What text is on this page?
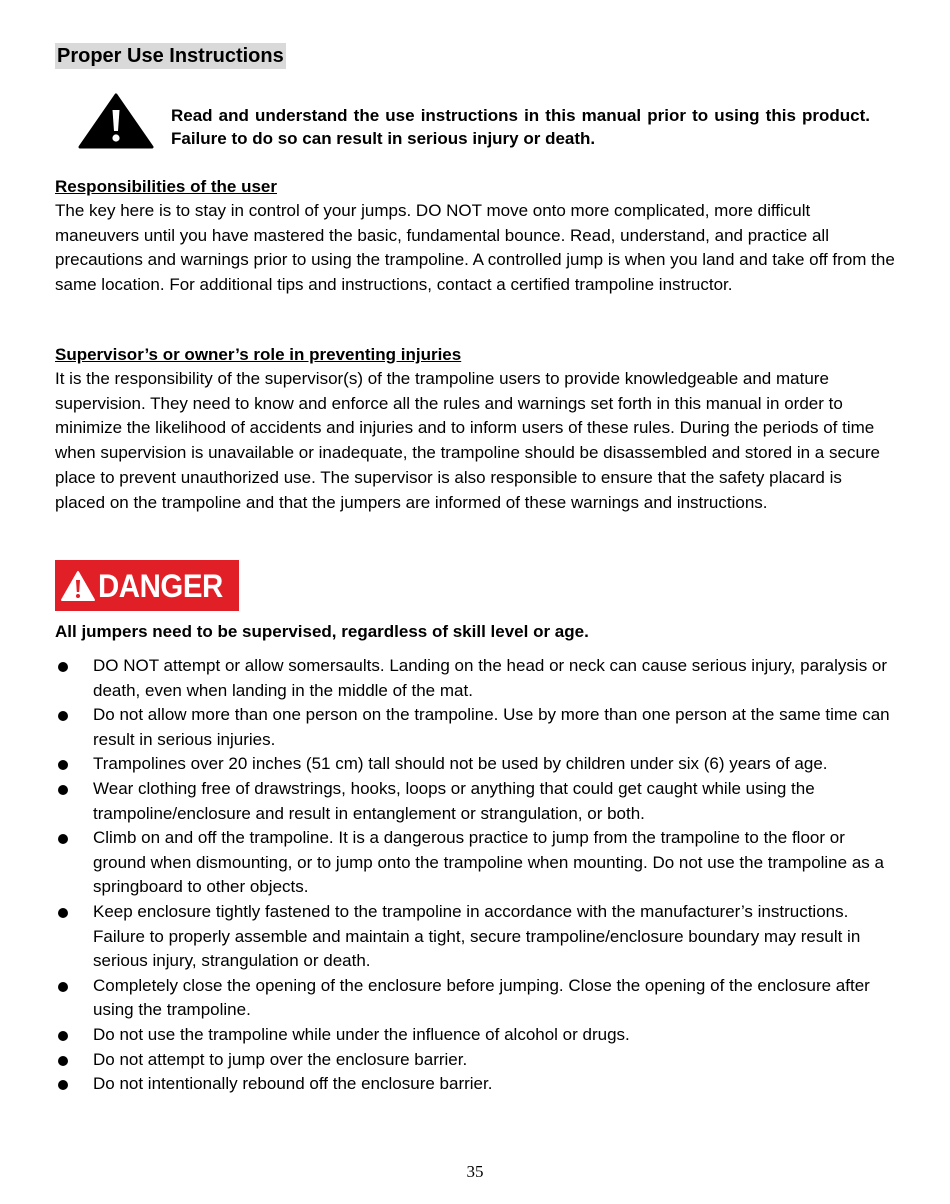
Proper Use Instructions
Read and understand the use instructions in this manual prior to using this product. Failure to do so can result in serious injury or death.
Responsibilities of the user
The key here is to stay in control of your jumps. DO NOT move onto more complicated, more difficult maneuvers until you have mastered the basic, fundamental bounce. Read, understand, and practice all precautions and warnings prior to using the trampoline. A controlled jump is when you land and take off from the same location. For additional tips and instructions, contact a certified trampoline instructor.
Supervisor’s or owner’s role in preventing injuries
It is the responsibility of the supervisor(s) of the trampoline users to provide knowledgeable and mature supervision. They need to know and enforce all the rules and warnings set forth in this manual in order to minimize the likelihood of accidents and injuries and to inform users of these rules. During the periods of time when supervision is unavailable or inadequate, the trampoline should be disassembled and stored in a secure place to prevent unauthorized use. The supervisor is also responsible to ensure that the safety placard is placed on the trampoline and that the jumpers are informed of these warnings and instructions.
DANGER
All jumpers need to be supervised, regardless of skill level or age.
DO NOT attempt or allow somersaults. Landing on the head or neck can cause serious injury, paralysis or death, even when landing in the middle of the mat.
Do not allow more than one person on the trampoline. Use by more than one person at the same time can result in serious injuries.
Trampolines over 20 inches (51 cm) tall should not be used by children under six (6) years of age.
Wear clothing free of drawstrings, hooks, loops or anything that could get caught while using the trampoline/enclosure and result in entanglement or strangulation, or both.
Climb on and off the trampoline. It is a dangerous practice to jump from the trampoline to the floor or ground when dismounting, or to jump onto the trampoline when mounting. Do not use the trampoline as a springboard to other objects.
Keep enclosure tightly fastened to the trampoline in accordance with the manufacturer’s instructions. Failure to properly assemble and maintain a tight, secure trampoline/enclosure boundary may result in serious injury, strangulation or death.
Completely close the opening of the enclosure before jumping. Close the opening of the enclosure after using the trampoline.
Do not use the trampoline while under the influence of alcohol or drugs.
Do not attempt to jump over the enclosure barrier.
Do not intentionally rebound off the enclosure barrier.
35
